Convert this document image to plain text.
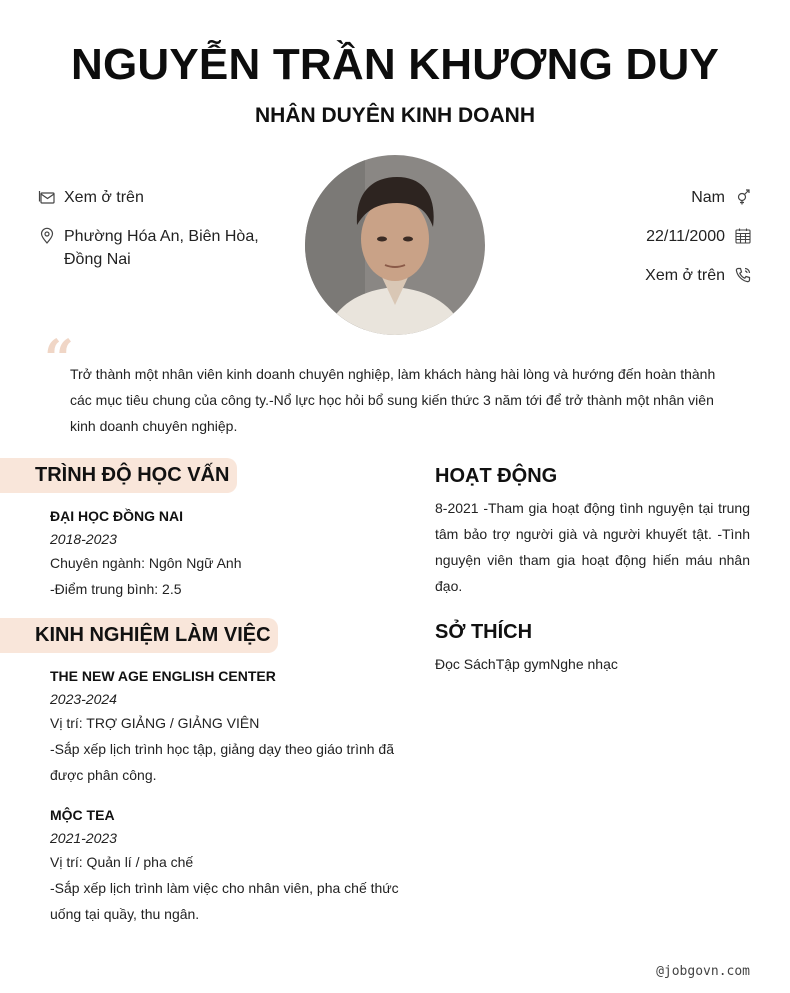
NGUYỄN TRẦN KHƯƠNG DUY
NHÂN DUYÊN KINH DOANH
Xem ở trên
Phường Hóa An, Biên Hòa, Đồng Nai
Nam
22/11/2000
Xem ở trên
“
Trở thành một nhân viên kinh doanh chuyên nghiệp, làm khách hàng hài lòng và hướng đến hoàn thành các mục tiêu chung của công ty.-Nổ lực học hỏi bổ sung kiến thức 3 năm tới để trở thành một nhân viên kinh doanh chuyên nghiệp.
TRÌNH ĐỘ HỌC VẤN
ĐẠI HỌC ĐỒNG NAI
2018-2023
Chuyên ngành: Ngôn Ngữ Anh
-Điểm trung bình: 2.5
KINH NGHIỆM LÀM VIỆC
THE NEW AGE ENGLISH CENTER
2023-2024
Vị trí: TRỢ GIẢNG / GIẢNG VIÊN
-Sắp xếp lịch trình học tập, giảng dạy theo giáo trình đã được phân công.
MỘC TEA
2021-2023
Vị trí: Quản lí / pha chế
-Sắp xếp lịch trình làm việc cho nhân viên, pha chế thức uống tại quầy, thu ngân.
HOẠT ĐỘNG
8-2021 -Tham gia hoạt động tình nguyện tại trung tâm bảo trợ người già và người khuyết tật. -Tình nguyện viên tham gia hoạt động hiến máu nhân đạo.
SỞ THÍCH
Đọc SáchTập gymNghe nhạc
@jobgovn.com
